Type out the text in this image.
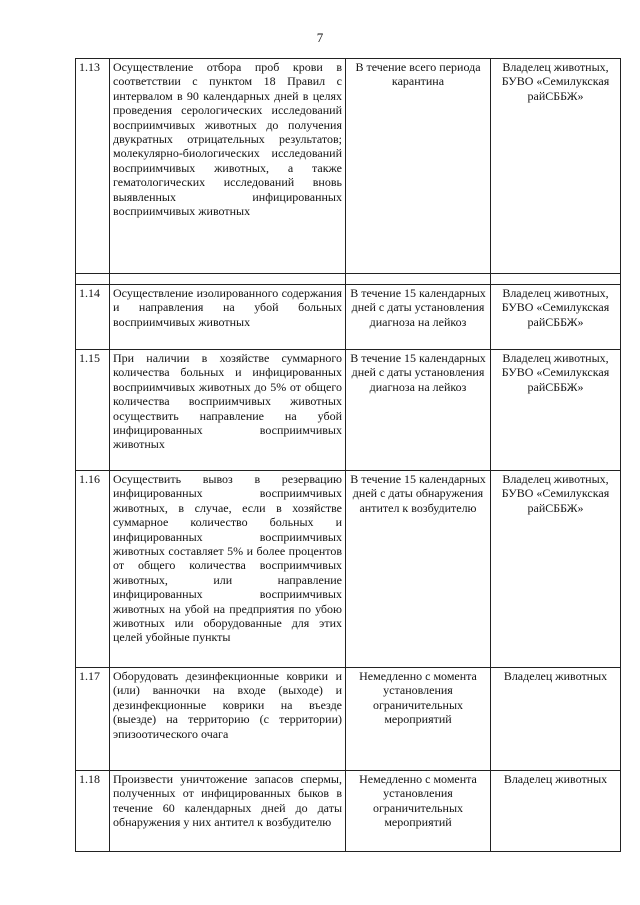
7
1.13	Осуществление отбора проб крови в соответствии с пунктом 18 Правил с интервалом в 90 календарных дней в целях проведения серологических исследований восприимчивых животных до получения двукратных отрицательных результатов; молекулярно-биологических исследований восприимчивых животных, а также гематологических исследований вновь выявленных инфицированных восприимчивых животных	В течение всего периода карантина	Владелец животных, БУВО «Семилукская райСББЖ»

1.14	Осуществление изолированного содержания и направления на убой больных восприимчивых животных	В течение 15 календарных дней с даты установления диагноза на лейкоз	Владелец животных, БУВО «Семилукская райСББЖ»
1.15	При наличии в хозяйстве суммарного количества больных и инфицированных восприимчивых животных до 5% от общего количества восприимчивых животных осуществить направление на убой инфицированных восприимчивых животных	В течение 15 календарных дней с даты установления диагноза на лейкоз	Владелец животных, БУВО «Семилукская райСББЖ»
1.16	Осуществить вывоз в резервацию инфицированных восприимчивых животных, в случае, если в хозяйстве суммарное количество больных и инфицированных восприимчивых животных составляет 5% и более процентов от общего количества восприимчивых животных, или направление инфицированных восприимчивых животных на убой на предприятия по убою животных или оборудованные для этих целей убойные пункты	В течение 15 календарных дней с даты обнаружения антител к возбудителю	Владелец животных, БУВО «Семилукская райСББЖ»
1.17	Оборудовать дезинфекционные коврики и (или) ванночки на входе (выходе) и дезинфекционные коврики на въезде (выезде) на территорию (с территории) эпизоотического очага	Немедленно с момента установления ограничительных мероприятий	Владелец животных
1.18	Произвести уничтожение запасов спермы, полученных от инфицированных быков в течение 60 календарных дней до даты обнаружения у них антител к возбудителю	Немедленно с момента установления ограничительных мероприятий	Владелец животных
